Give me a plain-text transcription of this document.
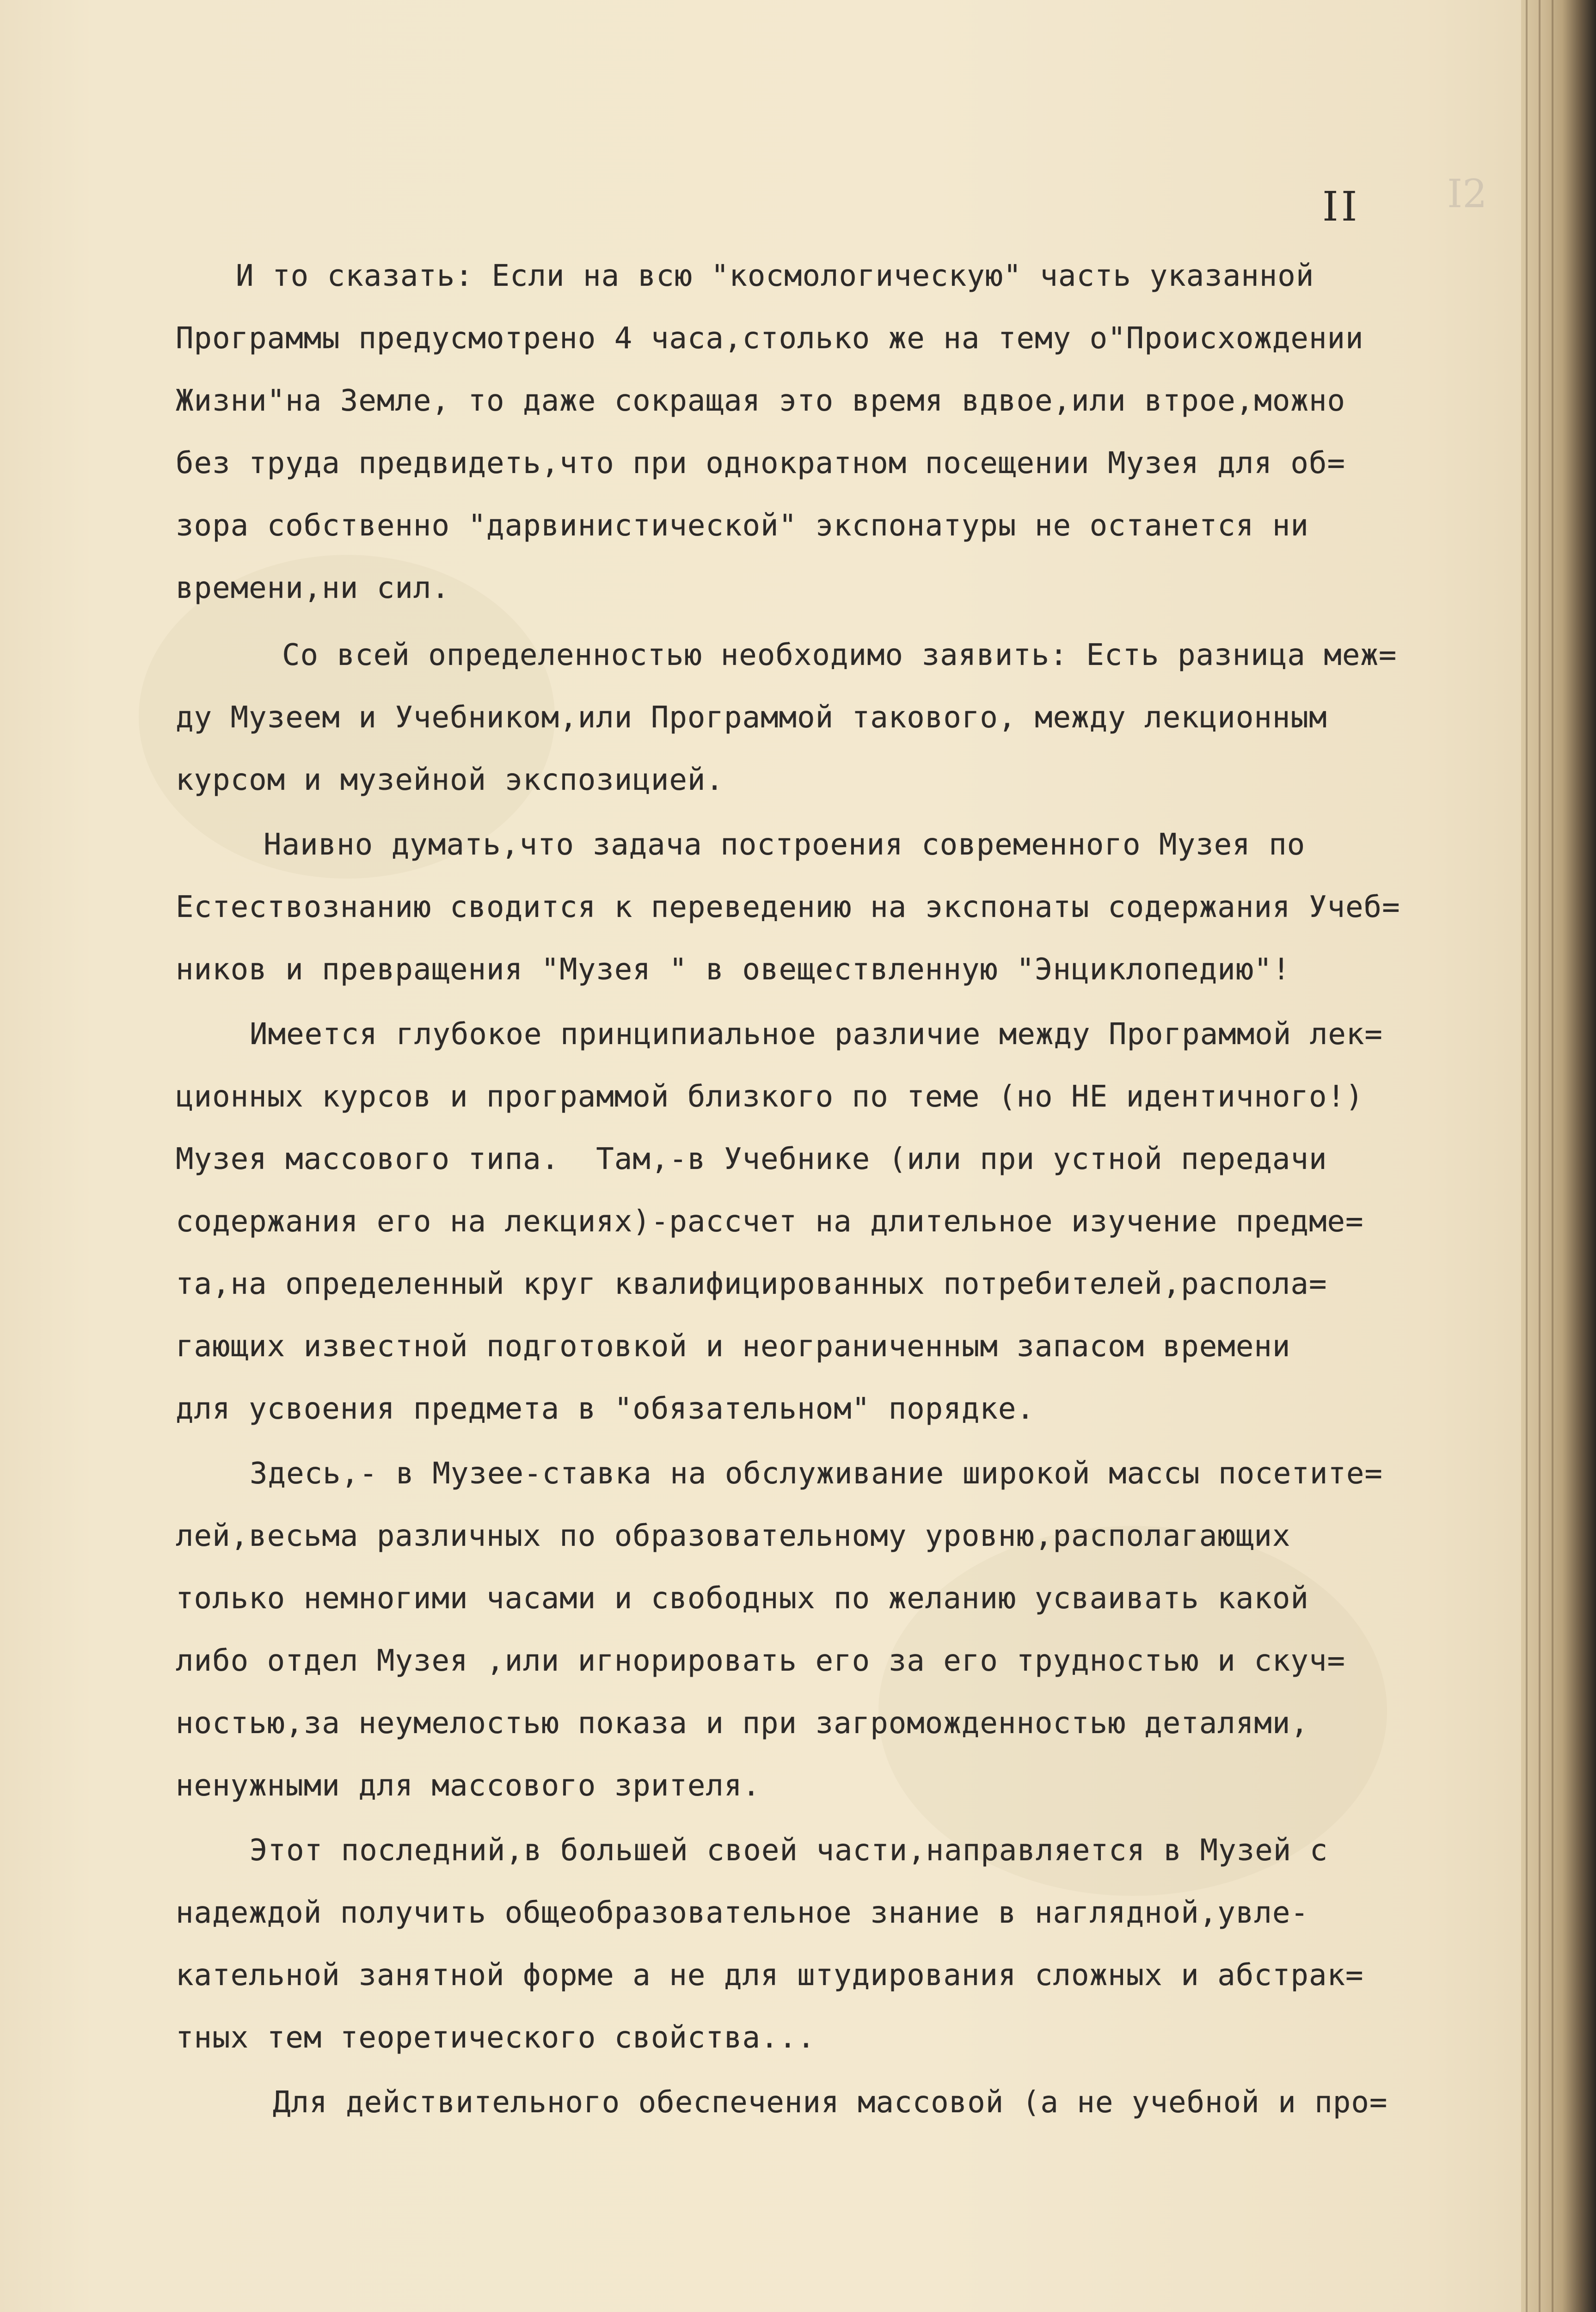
I2
II
И то сказать: Если на всю "космологическую" часть указанной
Программы предусмотрено 4 часа,столько же на тему о"Происхождении
Жизни"на Земле, то даже сокращая это время вдвое,или втрое,можно
без труда предвидеть,что при однократном посещении Музея для об=
зора собственно "дарвинистической" экспонатуры не останется ни
времени,ни сил.
Со всей определенностью необходимо заявить: Есть разница меж=
ду Музеем и Учебником,или Программой такового, между лекционным
курсом и музейной экспозицией.
Наивно думать,что задача построения современного Музея по
Естествознанию сводится к переведению на экспонаты содержания Учеб=
ников и превращения "Музея " в овеществленную "Энциклопедию"!
Имеется глубокое принципиальное различие между Программой лек=
ционных курсов и программой близкого по теме (но НЕ идентичного!)
Музея массового типа.  Там,-в Учебнике (или при устной передачи
содержания его на лекциях)-рассчет на длительное изучение предме=
та,на определенный круг квалифицированных потребителей,распола=
гающих известной подготовкой и неограниченным запасом времени
для усвоения предмета в "обязательном" порядке.
Здесь,- в Музее-ставка на обслуживание широкой массы посетите=
лей,весьма различных по образовательному уровню,располагающих
только немногими часами и свободных по желанию усваивать какой
либо отдел Музея ,или игнорировать его за его трудностью и скуч=
ностью,за неумелостью показа и при загроможденностью деталями,
ненужными для массового зрителя.
Этот последний,в большей своей части,направляется в Музей с
надеждой получить общеобразовательное знание в наглядной,увле-
кательной занятной форме а не для штудирования сложных и абстрак=
тных тем теоретического свойства...
Для действительного обеспечения массовой (а не учебной и про=
